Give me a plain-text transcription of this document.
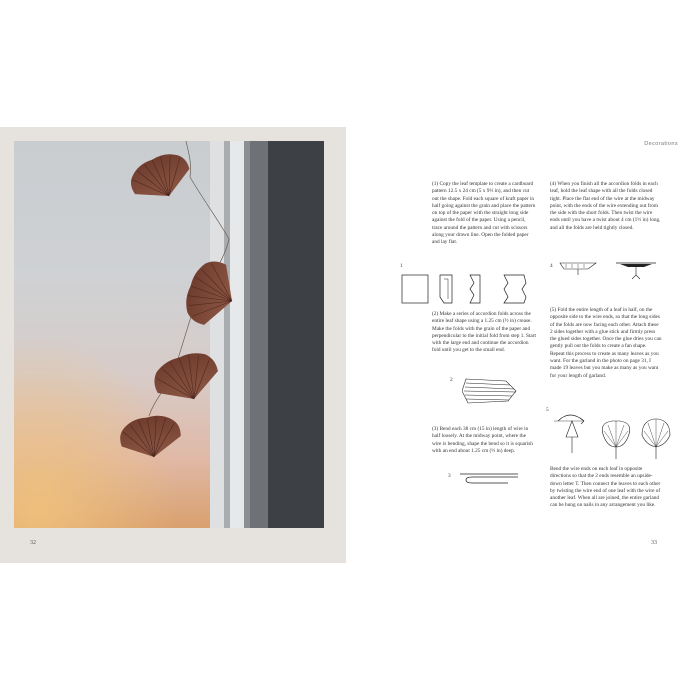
32
Decorations

(1) Copy the leaf template to create a cardboard pattern 12.5 x 24 cm (5 x 9½ in), and then cut out the shape. Fold each square of kraft paper in half going against the grain and place the pattern on top of the paper with the straight long side against the fold of the paper. Using a pencil, trace around the pattern and cut with scissors along your drawn line. Open the folded paper and lay flat.

1

(2) Make a series of accordion folds across the entire leaf shape using a 1.25 cm (½ in) crease. Make the folds with the grain of the paper and perpendicular to the initial fold from step 1. Start with the large end and continue the accordion fold until you get to the small end.

2

(3) Bend each 38 cm (15 in) length of wire in half loosely. At the midway point, where the wire is bending, shape the bend so it is squarish with an end about 1.25 cm (½ in) deep.

3

(4) When you finish all the accordion folds in each leaf, hold the leaf shape with all the folds closed tight. Place the flat end of the wire at the midway point, with the ends of the wire extending out from the side with the short folds. Then twist the wire ends until you have a twist about 4 cm (1½ in) long, and all the folds are held tightly closed.

4

(5) Fold the entire length of a leaf in half, on the opposite side to the wire ends, so that the long sides of the folds are now facing each other. Attach these 2 sides together with a glue stick and firmly press the glued sides together. Once the glue dries you can gently pull out the folds to create a fan shape. Repeat this process to create as many leaves as you want. For the garland in the photo on page 31, I made 19 leaves but you make as many as you want for your length of garland.

5

Bend the wire ends on each leaf in opposite directions so that the 2 ends resemble an upside-down letter T. Then connect the leaves to each other by twisting the wire end of one leaf with the wire of another leaf. When all are joined, the entire garland can be hung on nails in any arrangement you like.

33
